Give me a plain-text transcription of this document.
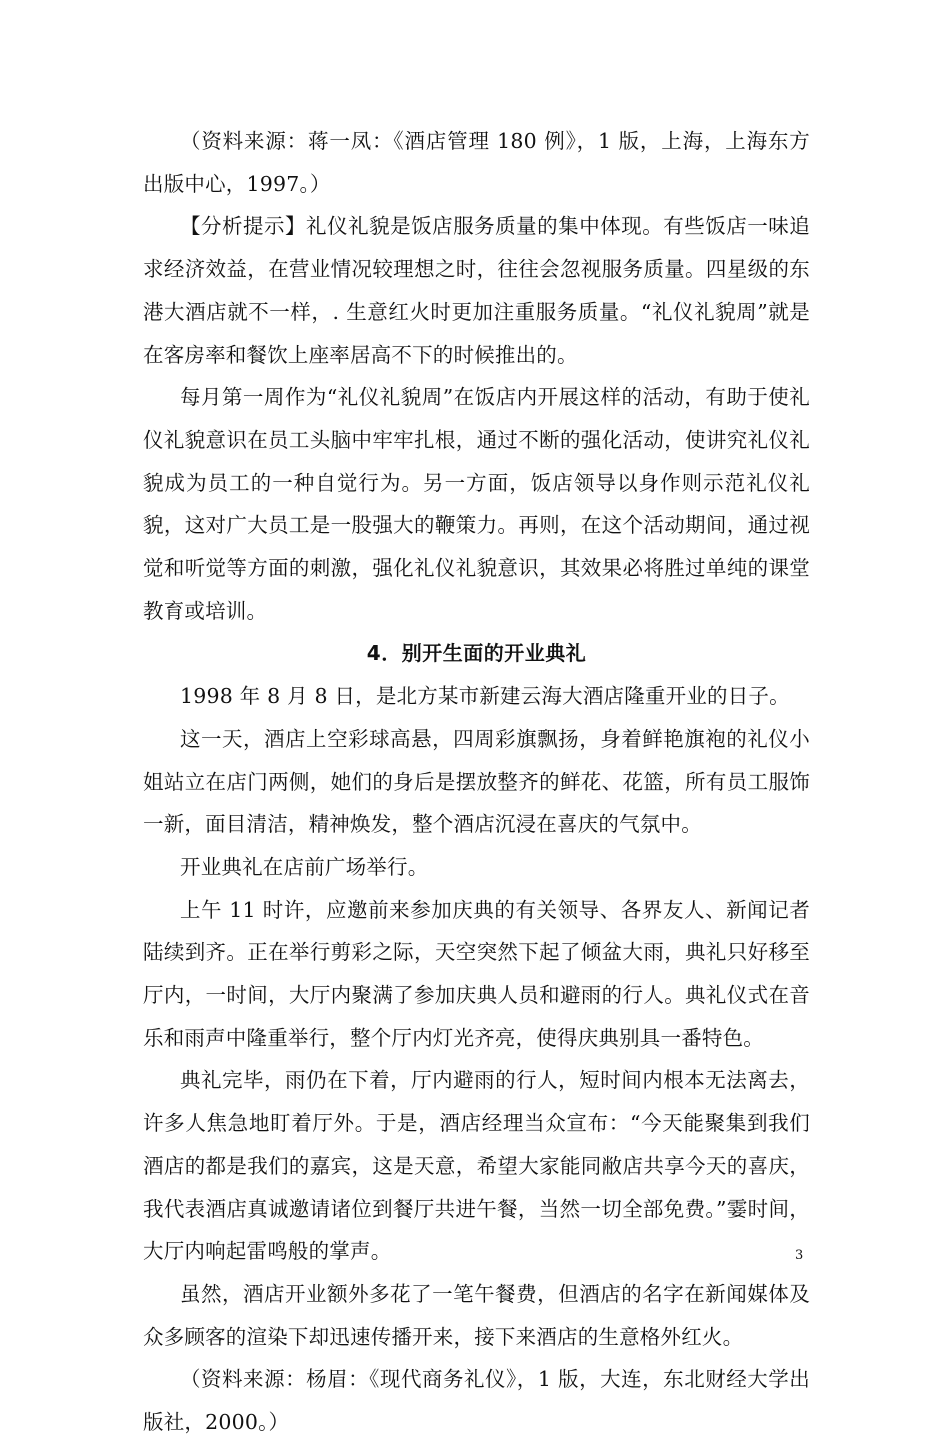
（资料来源：蒋一凤：《酒店管理 180 例》，1 版，上海，上海东方出版中心，1997。）

【分析提示】礼仪礼貌是饭店服务质量的集中体现。有些饭店一味追求经济效益，在营业情况较理想之时，往往会忽视服务质量。四星级的东港大酒店就不一样，. 生意红火时更加注重服务质量。“礼仪礼貌周”就是在客房率和餐饮上座率居高不下的时候推出的。

每月第一周作为“礼仪礼貌周”在饭店内开展这样的活动，有助于使礼仪礼貌意识在员工头脑中牢牢扎根，通过不断的强化活动，使讲究礼仪礼貌成为员工的一种自觉行为。另一方面，饭店领导以身作则示范礼仪礼貌，这对广大员工是一股强大的鞭策力。再则，在这个活动期间，通过视觉和听觉等方面的刺激，强化礼仪礼貌意识，其效果必将胜过单纯的课堂教育或培训。

4．别开生面的开业典礼

1998 年 8 月 8 日，是北方某市新建云海大酒店隆重开业的日子。

这一天，酒店上空彩球高悬，四周彩旗飘扬，身着鲜艳旗袍的礼仪小姐站立在店门两侧，她们的身后是摆放整齐的鲜花、花篮，所有员工服饰一新，面目清洁，精神焕发，整个酒店沉浸在喜庆的气氛中。

开业典礼在店前广场举行。

上午 11 时许，应邀前来参加庆典的有关领导、各界友人、新闻记者陆续到齐。正在举行剪彩之际，天空突然下起了倾盆大雨，典礼只好移至厅内，一时间，大厅内聚满了参加庆典人员和避雨的行人。典礼仪式在音乐和雨声中隆重举行，整个厅内灯光齐亮，使得庆典别具一番特色。

典礼完毕，雨仍在下着，厅内避雨的行人，短时间内根本无法离去，许多人焦急地盯着厅外。于是，酒店经理当众宣布：“今天能聚集到我们酒店的都是我们的嘉宾，这是天意，希望大家能同敝店共享今天的喜庆，我代表酒店真诚邀请诸位到餐厅共进午餐，当然一切全部免费。”霎时间，大厅内响起雷鸣般的掌声。

虽然，酒店开业额外多花了一笔午餐费，但酒店的名字在新闻媒体及众多顾客的渲染下却迅速传播开来，接下来酒店的生意格外红火。

（资料来源：杨眉：《现代商务礼仪》，1 版，大连，东北财经大学出版社，2000。）

3
